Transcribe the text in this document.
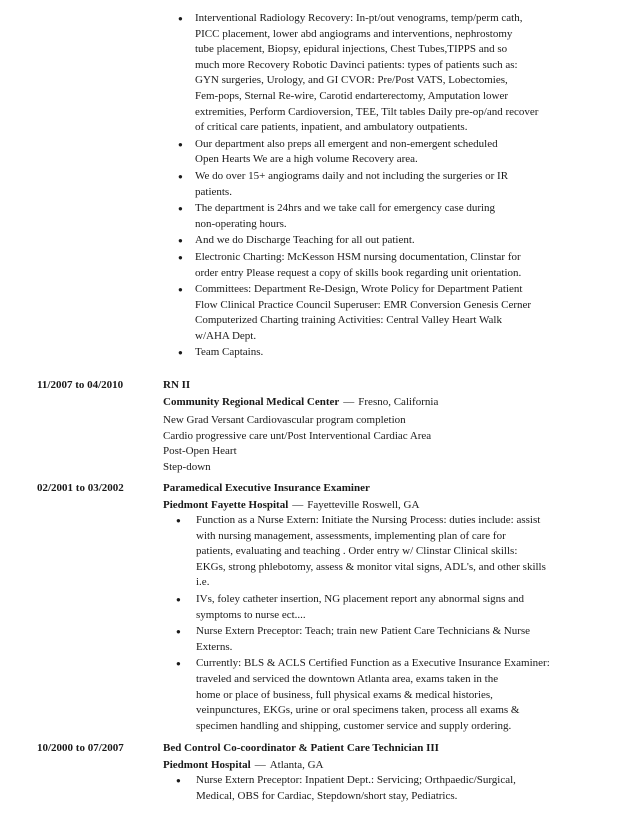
● Interventional Radiology Recovery: In-pt/out venograms, temp/perm cath,
PICC placement, lower abd angiograms and interventions, nephrostomy
tube placement, Biopsy, epidural injections, Chest Tubes,TIPPS and so
much more Recovery Robotic Davinci patients: types of patients such as:
GYN surgeries, Urology, and GI CVOR: Pre/Post VATS, Lobectomies,
Fem-pops, Sternal Re-wire, Carotid endarterectomy, Amputation lower
extremities, Perform Cardioversion, TEE, Tilt tables Daily pre-op/and recover
of critical care patients, inpatient, and ambulatory outpatients.
● Our department also preps all emergent and non-emergent scheduled
Open Hearts We are a high volume Recovery area.
● We do over 15+ angiograms daily and not including the surgeries or IR
patients.
● The department is 24hrs and we take call for emergency case during
non-operating hours.
● And we do Discharge Teaching for all out patient.
● Electronic Charting: McKesson HSM nursing documentation, Clinstar for
order entry Please request a copy of skills book regarding unit orientation.
● Committees: Department Re-Design, Wrote Policy for Department Patient
Flow Clinical Practice Council Superuser: EMR Conversion Genesis Cerner
Computerized Charting training Activities: Central Valley Heart Walk
w/AHA Dept.
● Team Captains.
11/2007 to 04/2010	RN II
Community Regional Medical Center — Fresno, California
New Grad Versant Cardiovascular program completion
Cardio progressive care unt/Post Interventional Cardiac Area
Post-Open Heart
Step-down
02/2001 to 03/2002	Paramedical Executive Insurance Examiner
Piedmont Fayette Hospital — Fayetteville Roswell, GA
● Function as a Nurse Extern: Initiate the Nursing Process: duties include: assist
with nursing management, assessments, implementing plan of care for
patients, evaluating and teaching . Order entry w/ Clinstar Clinical skills:
EKGs, strong phlebotomy, assess & monitor vital signs, ADL's, and other skills
i.e.
● IVs, foley catheter insertion, NG placement report any abnormal signs and
symptoms to nurse ect....
● Nurse Extern Preceptor: Teach; train new Patient Care Technicians & Nurse
Externs.
● Currently: BLS & ACLS Certified Function as a Executive Insurance Examiner:
traveled and serviced the downtown Atlanta area, exams taken in the
home or place of business, full physical exams & medical histories,
veinpunctures, EKGs, urine or oral specimens taken, process all exams &
specimen handling and shipping, customer service and supply ordering.
10/2000 to 07/2007	Bed Control Co-coordinator & Patient Care Technician III
Piedmont Hospital — Atlanta, GA
● Nurse Extern Preceptor: Inpatient Dept.: Servicing; Orthpaedic/Surgical,
Medical, OBS for Cardiac, Stepdown/short stay, Pediatrics.
